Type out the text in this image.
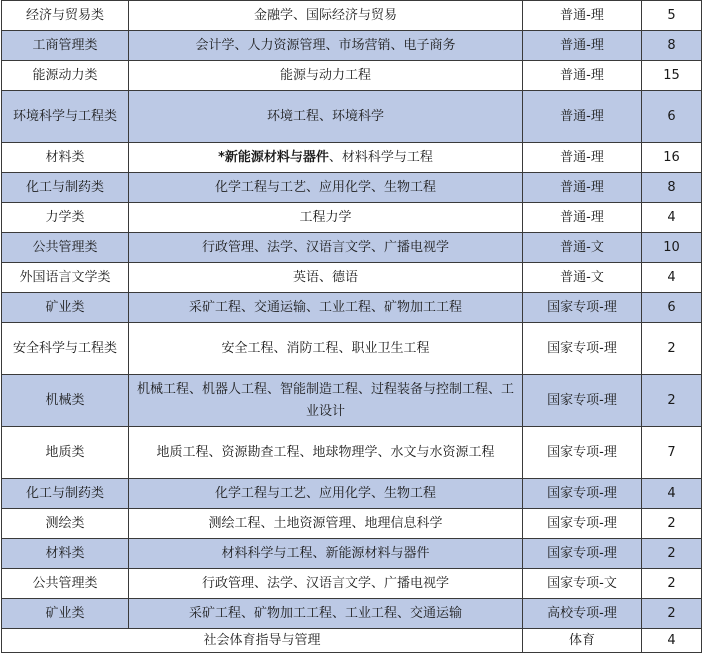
经济与贸易类	金融学、国际经济与贸易	普通-理	5
工商管理类	会计学、人力资源管理、市场营销、电子商务	普通-理	8
能源动力类	能源与动力工程	普通-理	15
环境科学与工程类	环境工程、环境科学	普通-理	6
材料类	*新能源材料与器件、材料科学与工程	普通-理	16
化工与制药类	化学工程与工艺、应用化学、生物工程	普通-理	8
力学类	工程力学	普通-理	4
公共管理类	行政管理、法学、汉语言文学、广播电视学	普通-文	10
外国语言文学类	英语、德语	普通-文	4
矿业类	采矿工程、交通运输、工业工程、矿物加工工程	国家专项-理	6
安全科学与工程类	安全工程、消防工程、职业卫生工程	国家专项-理	2
机械类	机械工程、机器人工程、智能制造工程、过程装备与控制工程、工业设计	国家专项-理	2
地质类	地质工程、资源勘查工程、地球物理学、水文与水资源工程	国家专项-理	7
化工与制药类	化学工程与工艺、应用化学、生物工程	国家专项-理	4
测绘类	测绘工程、土地资源管理、地理信息科学	国家专项-理	2
材料类	材料科学与工程、新能源材料与器件	国家专项-理	2
公共管理类	行政管理、法学、汉语言文学、广播电视学	国家专项-文	2
矿业类	采矿工程、矿物加工工程、工业工程、交通运输	高校专项-理	2
社会体育指导与管理		体育	4
